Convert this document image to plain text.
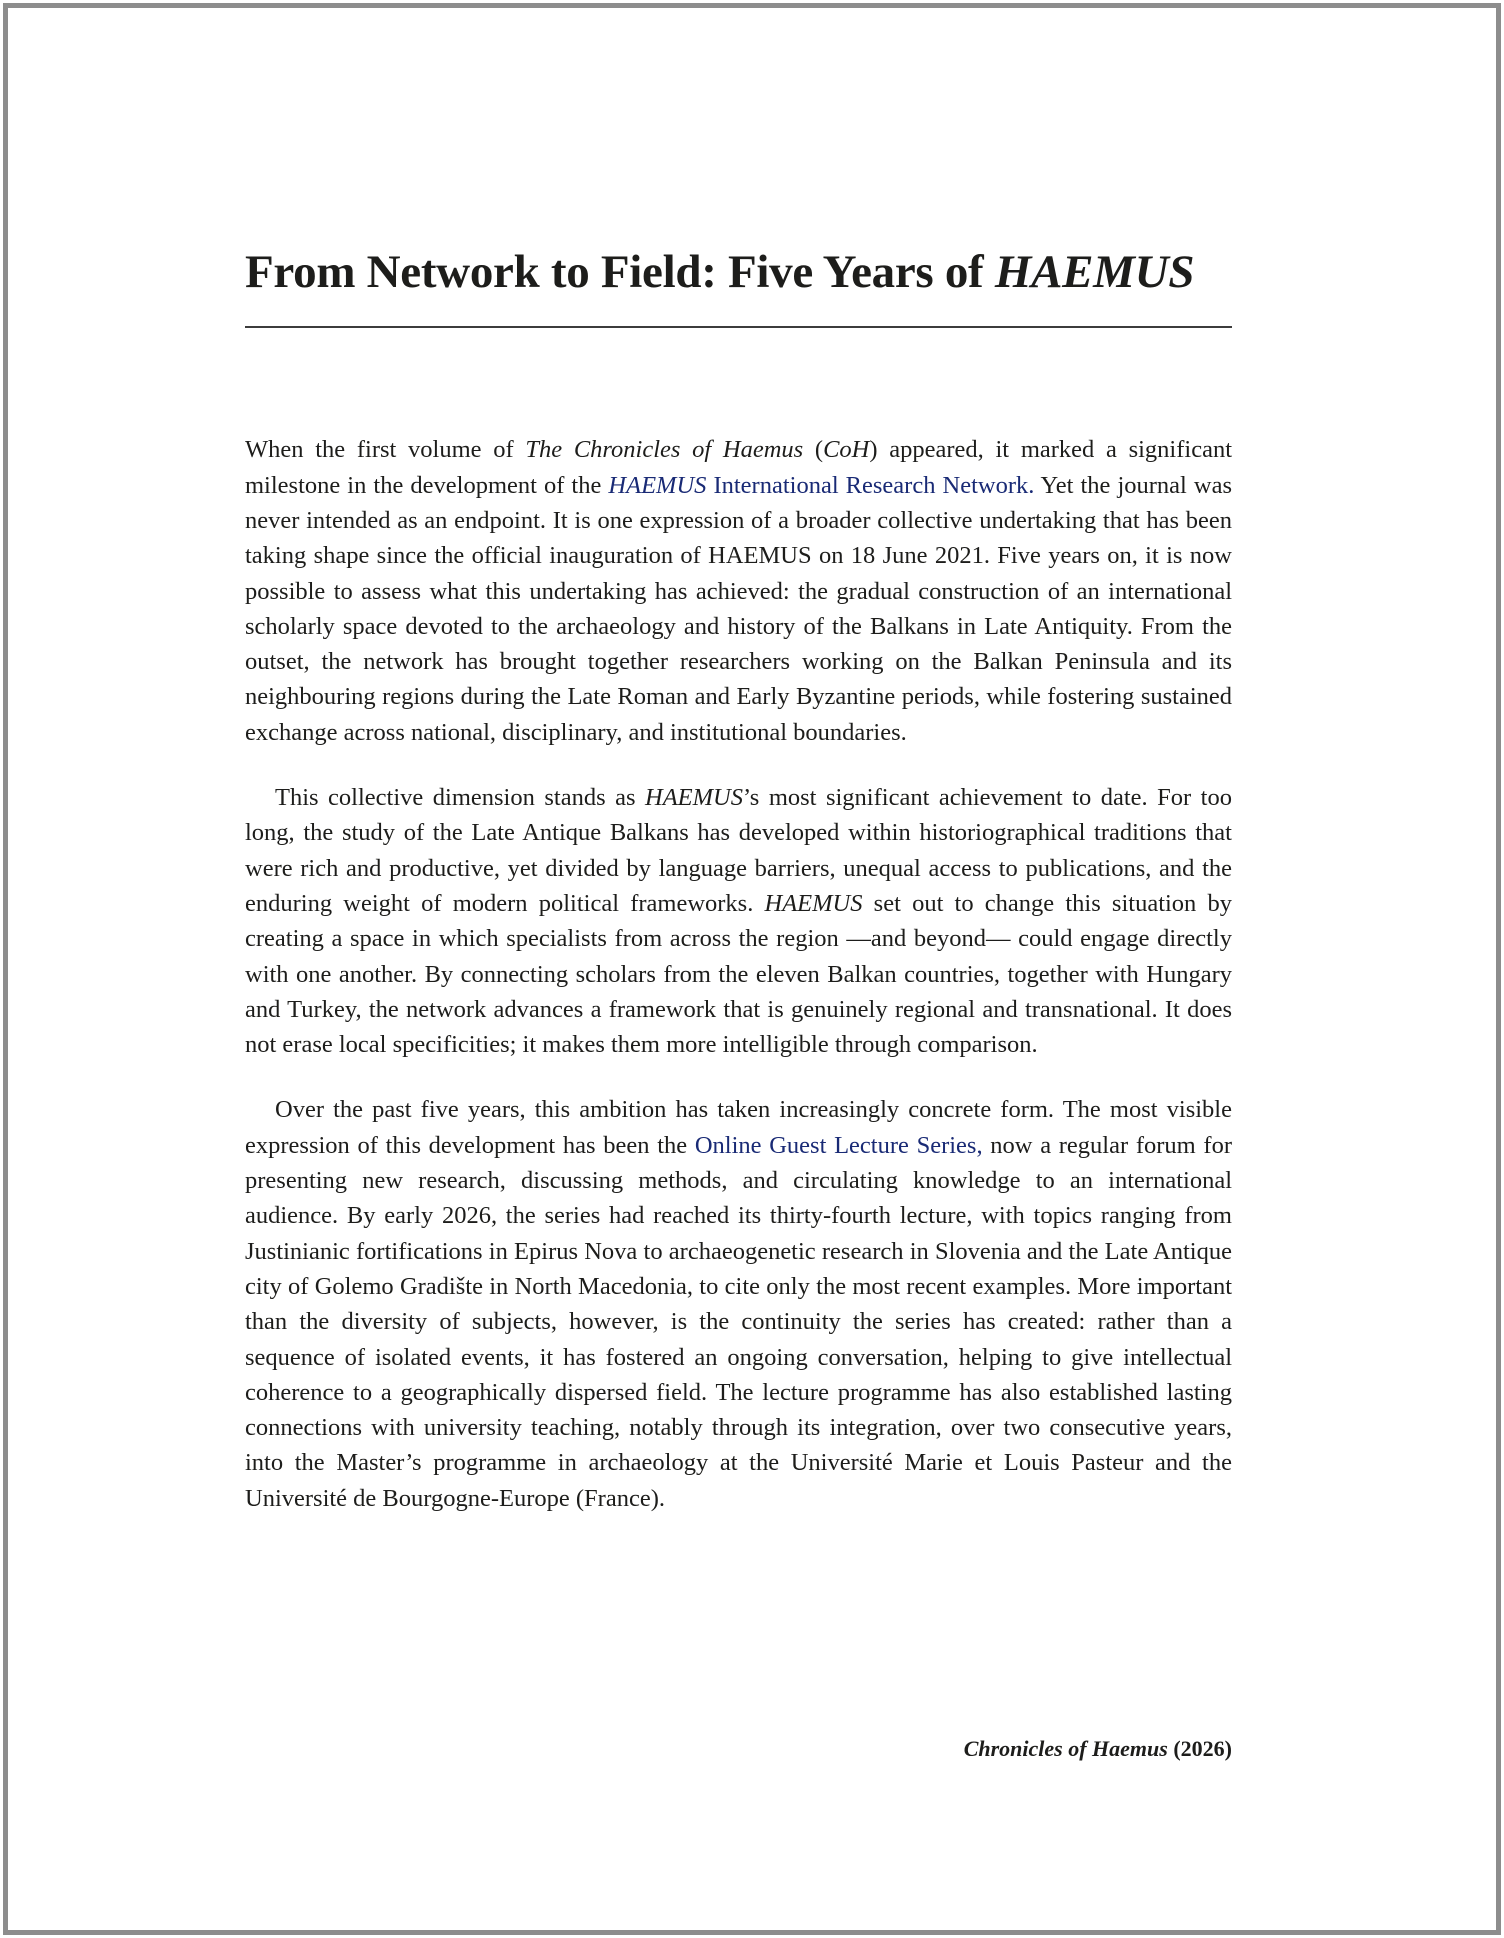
From Network to Field: Five Years of HAEMUS

When the first volume of The Chronicles of Haemus (CoH) appeared, it marked a significant milestone in the development of the HAEMUS International Research Network. Yet the journal was never intended as an endpoint. It is one expression of a broader collective undertaking that has been taking shape since the official inauguration of HAEMUS on 18 June 2021. Five years on, it is now possible to assess what this undertaking has achieved: the gradual construction of an international scholarly space devoted to the archaeology and history of the Balkans in Late Antiquity. From the outset, the network has brought together researchers working on the Balkan Peninsula and its neighbouring regions during the Late Roman and Early Byzantine periods, while fostering sustained exchange across national, disciplinary, and institutional boundaries.

This collective dimension stands as HAEMUS’s most significant achievement to date. For too long, the study of the Late Antique Balkans has developed within historiographical traditions that were rich and productive, yet divided by language barriers, unequal access to publications, and the enduring weight of modern political frameworks. HAEMUS set out to change this situation by creating a space in which specialists from across the region —and beyond— could engage directly with one another. By connecting scholars from the eleven Balkan countries, together with Hungary and Turkey, the network advances a framework that is genuinely regional and transnational. It does not erase local specificities; it makes them more intelligible through comparison.

Over the past five years, this ambition has taken increasingly concrete form. The most visible expression of this development has been the Online Guest Lecture Series, now a regular forum for presenting new research, discussing methods, and circulating knowledge to an international audience. By early 2026, the series had reached its thirty-fourth lecture, with topics ranging from Justinianic fortifications in Epirus Nova to archaeogenetic research in Slovenia and the Late Antique city of Golemo Gradište in North Macedonia, to cite only the most recent examples. More important than the diversity of subjects, however, is the continuity the series has created: rather than a sequence of isolated events, it has fostered an ongoing conversation, helping to give intellectual coherence to a geographically dispersed field. The lecture programme has also established lasting connections with university teaching, notably through its integration, over two consecutive years, into the Master’s programme in archaeology at the Université Marie et Louis Pasteur and the Université de Bourgogne-Europe (France).

Chronicles of Haemus (2026)
